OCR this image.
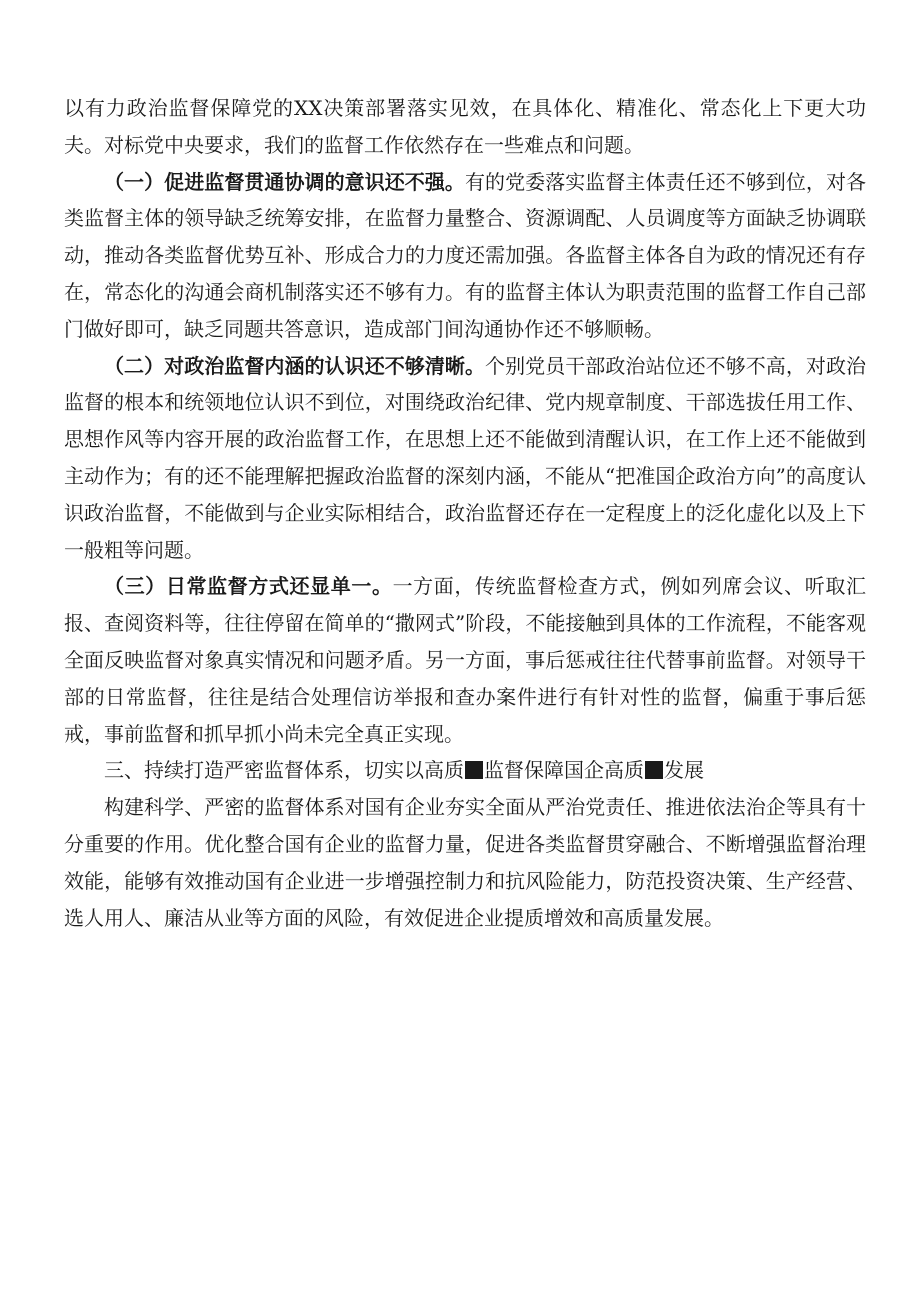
以有力政治监督保障党的XX决策部署落实见效，在具体化、精准化、常态化上下更大功夫。对标党中央要求，我们的监督工作依然存在一些难点和问题。

（一）促进监督贯通协调的意识还不强。有的党委落实监督主体责任还不够到位，对各类监督主体的领导缺乏统筹安排，在监督力量整合、资源调配、人员调度等方面缺乏协调联动，推动各类监督优势互补、形成合力的力度还需加强。各监督主体各自为政的情况还有存在，常态化的沟通会商机制落实还不够有力。有的监督主体认为职责范围的监督工作自己部门做好即可，缺乏同题共答意识，造成部门间沟通协作还不够顺畅。

（二）对政治监督内涵的认识还不够清晰。个别党员干部政治站位还不够不高，对政治监督的根本和统领地位认识不到位，对围绕政治纪律、党内规章制度、干部选拔任用工作、思想作风等内容开展的政治监督工作，在思想上还不能做到清醒认识，在工作上还不能做到主动作为；有的还不能理解把握政治监督的深刻内涵，不能从“把准国企政治方向”的高度认识政治监督，不能做到与企业实际相结合，政治监督还存在一定程度上的泛化虚化以及上下一般粗等问题。

（三）日常监督方式还显单一。一方面，传统监督检查方式，例如列席会议、听取汇报、查阅资料等，往往停留在简单的“撒网式”阶段，不能接触到具体的工作流程，不能客观全面反映监督对象真实情况和问题矛盾。另一方面，事后惩戒往往代替事前监督。对领导干部的日常监督，往往是结合处理信访举报和查办案件进行有针对性的监督，偏重于事后惩戒，事前监督和抓早抓小尚未完全真正实现。

三、持续打造严密监督体系，切实以高质 监督保障国企高质 发展

构建科学、严密的监督体系对国有企业夯实全面从严治党责任、推进依法治企等具有十分重要的作用。优化整合国有企业的监督力量，促进各类监督贯穿融合、不断增强监督治理效能，能够有效推动国有企业进一步增强控制力和抗风险能力，防范投资决策、生产经营、选人用人、廉洁从业等方面的风险，有效促进企业提质增效和高质量发展。
